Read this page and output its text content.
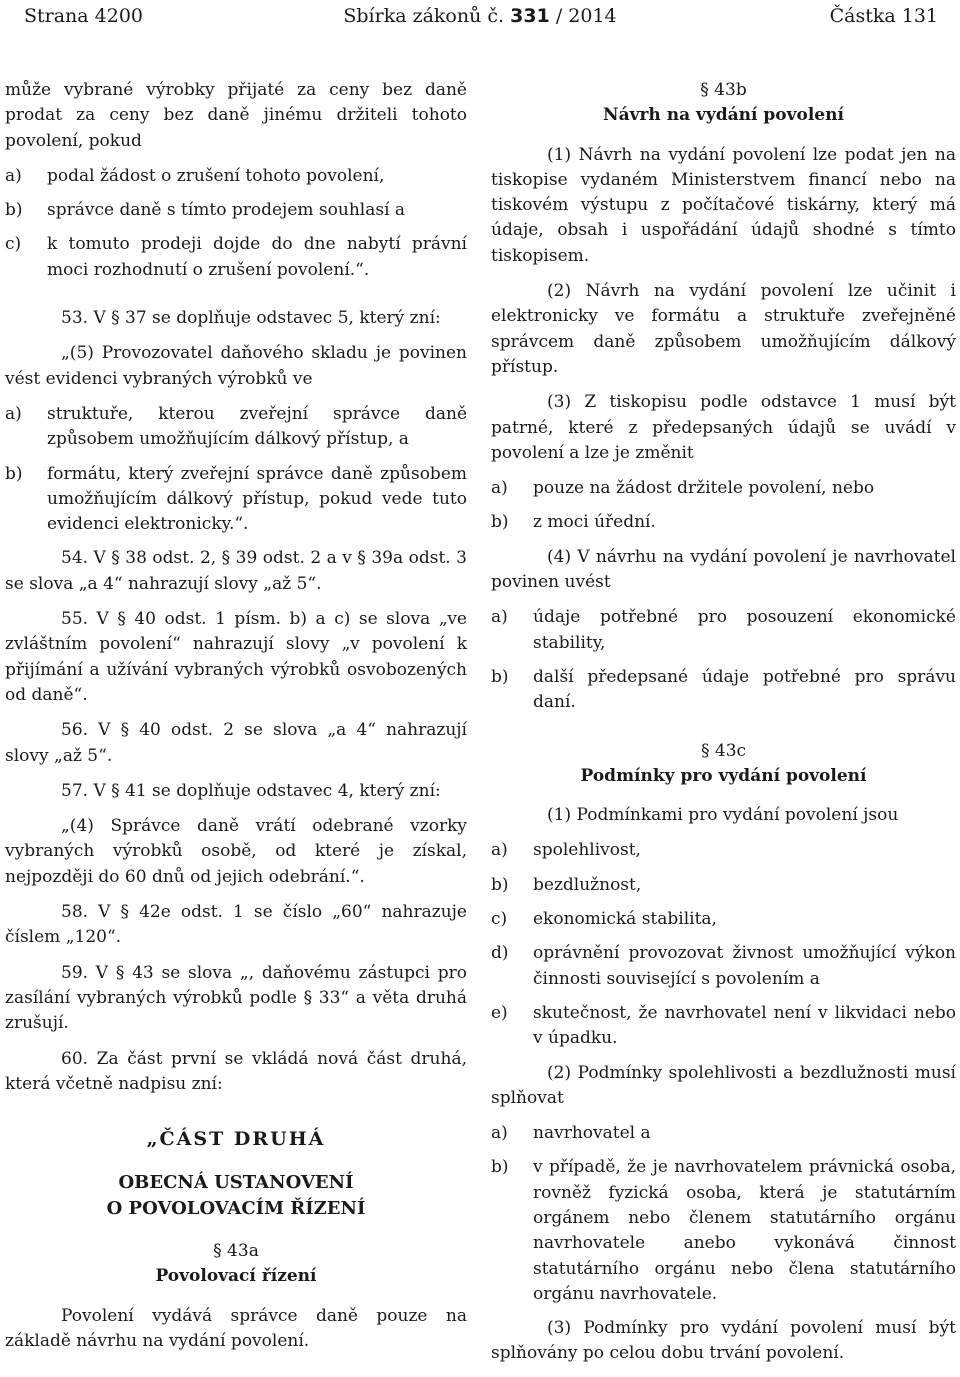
Strana 4200	Sbírka zákonů č. 331 / 2014	Částka 131

může vybrané výrobky přijaté za ceny bez daně prodat za ceny bez daně jinému držiteli tohoto povolení, pokud

a) podal žádost o zrušení tohoto povolení,
b) správce daně s tímto prodejem souhlasí a
c) k tomuto prodeji dojde do dne nabytí právní moci rozhodnutí o zrušení povolení.“.

53. V § 37 se doplňuje odstavec 5, který zní:

„(5) Provozovatel daňového skladu je povinen vést evidenci vybraných výrobků ve

a) struktuře, kterou zveřejní správce daně způsobem umožňujícím dálkový přístup, a
b) formátu, který zveřejní správce daně způsobem umožňujícím dálkový přístup, pokud vede tuto evidenci elektronicky.“.

54. V § 38 odst. 2, § 39 odst. 2 a v § 39a odst. 3 se slova „a 4“ nahrazují slovy „až 5“.

55. V § 40 odst. 1 písm. b) a c) se slova „ve zvláštním povolení“ nahrazují slovy „v povolení k přijímání a užívání vybraných výrobků osvobozených od daně“.

56. V § 40 odst. 2 se slova „a 4“ nahrazují slovy „až 5“.

57. V § 41 se doplňuje odstavec 4, který zní:

„(4) Správce daně vrátí odebrané vzorky vybraných výrobků osobě, od které je získal, nejpozději do 60 dnů od jejich odebrání.“.

58. V § 42e odst. 1 se číslo „60“ nahrazuje číslem „120“.

59. V § 43 se slova „, daňovému zástupci pro zasílání vybraných výrobků podle § 33“ a věta druhá zrušují.

60. Za část první se vkládá nová část druhá, která včetně nadpisu zní:

„ČÁST DRUHÁ
OBECNÁ USTANOVENÍ
O POVOLOVACÍM ŘÍZENÍ

§ 43a

Povolovací řízení

Povolení vydává správce daně pouze na základě návrhu na vydání povolení.

§ 43b

Návrh na vydání povolení

(1) Návrh na vydání povolení lze podat jen na tiskopise vydaném Ministerstvem financí nebo na tiskovém výstupu z počítačové tiskárny, který má údaje, obsah i uspořádání údajů shodné s tímto tiskopisem.

(2) Návrh na vydání povolení lze učinit i elektronicky ve formátu a struktuře zveřejněné správcem daně způsobem umožňujícím dálkový přístup.

(3) Z tiskopisu podle odstavce 1 musí být patrné, které z předepsaných údajů se uvádí v povolení a lze je změnit

a) pouze na žádost držitele povolení, nebo
b) z moci úřední.

(4) V návrhu na vydání povolení je navrhovatel povinen uvést

a) údaje potřebné pro posouzení ekonomické stability,
b) další předepsané údaje potřebné pro správu daní.

§ 43c

Podmínky pro vydání povolení

(1) Podmínkami pro vydání povolení jsou

a) spolehlivost,
b) bezdlužnost,
c) ekonomická stabilita,
d) oprávnění provozovat živnost umožňující výkon činnosti související s povolením a
e) skutečnost, že navrhovatel není v likvidaci nebo v úpadku.

(2) Podmínky spolehlivosti a bezdlužnosti musí splňovat

a) navrhovatel a
b) v případě, že je navrhovatelem právnická osoba, rovněž fyzická osoba, která je statutárním orgánem nebo členem statutárního orgánu navrhovatele anebo vykonává činnost statutárního orgánu nebo člena statutárního orgánu navrhovatele.

(3) Podmínky pro vydání povolení musí být splňovány po celou dobu trvání povolení.
